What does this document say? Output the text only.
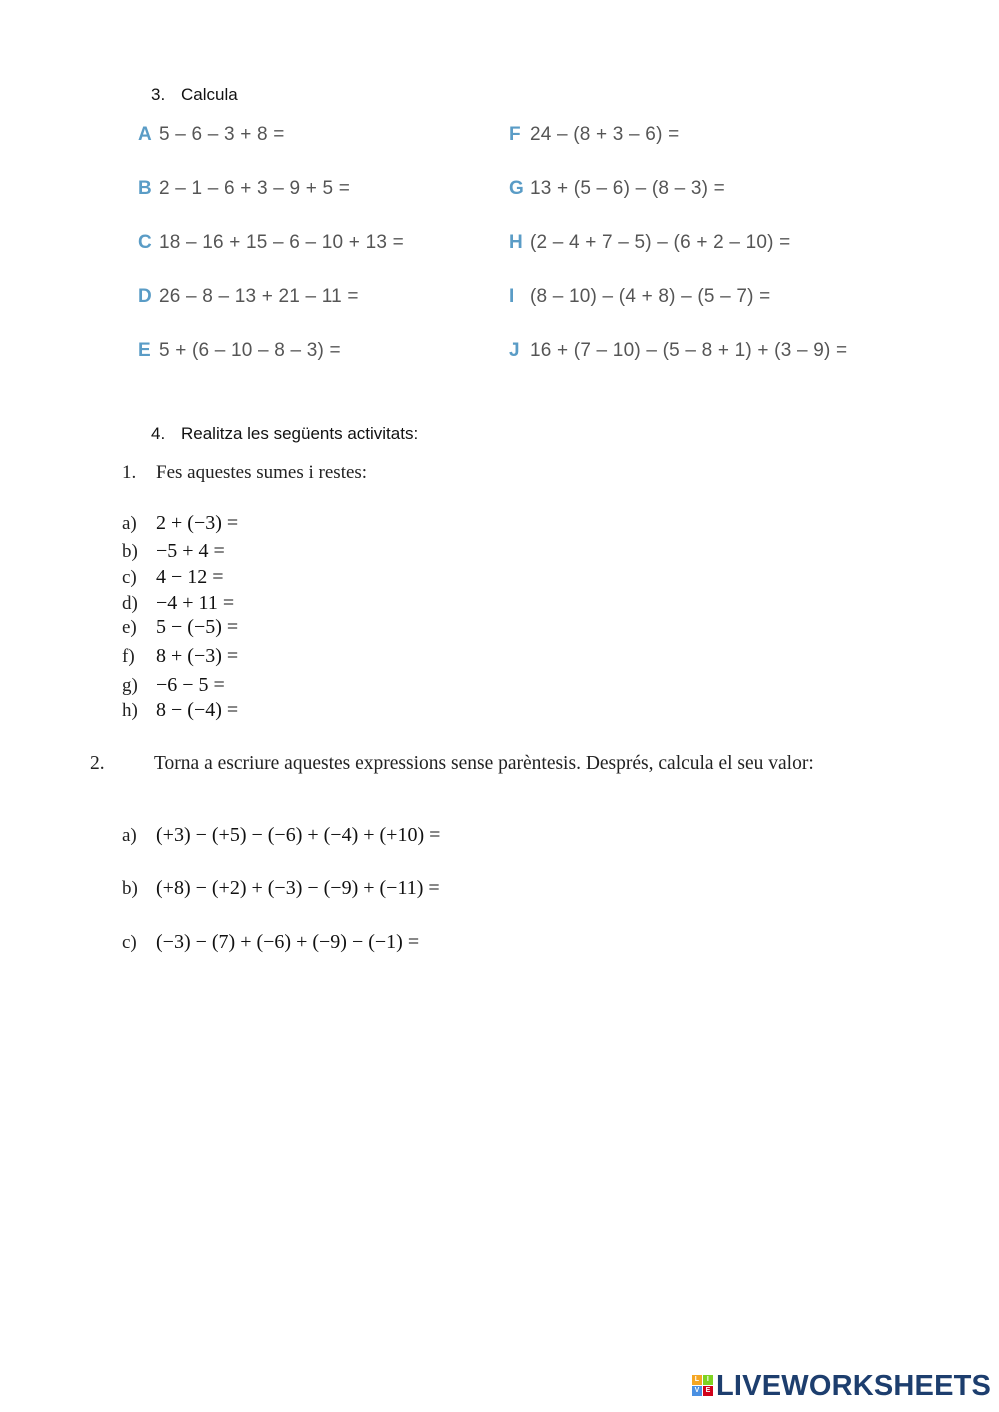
3. Calcula
A 5 – 6 – 3 + 8 =
B 2 – 1 – 6 + 3 – 9 + 5 =
C 18 – 16 + 15 – 6 – 10 + 13 =
D 26 – 8 – 13 + 21 – 11 =
E 5 + (6 – 10 – 8 – 3) =
F 24 – (8 + 3 – 6) =
G 13 + (5 – 6) – (8 – 3) =
H (2 – 4 + 7 – 5) – (6 + 2 – 10) =
I (8 – 10) – (4 + 8) – (5 – 7) =
J 16 + (7 – 10) – (5 – 8 + 1) + (3 – 9) =
4. Realitza les següents activitats:
1. Fes aquestes sumes i restes:
a) 2 + (−3) =
b) −5 + 4 =
c) 4 − 12 =
d) −4 + 11 =
e) 5 − (−5) =
f) 8 + (−3) =
g) −6 − 5 =
h) 8 − (−4) =
2.	Torna a escriure aquestes expressions sense parèntesis. Després, calcula el seu valor:
a) (+3) − (+5) − (−6) + (−4) + (+10) =
b) (+8) − (+2) + (−3) − (−9) + (−11) =
c) (−3) − (7) + (−6) + (−9) − (−1) =
L	I
V E LIVEWORKSHEETS
